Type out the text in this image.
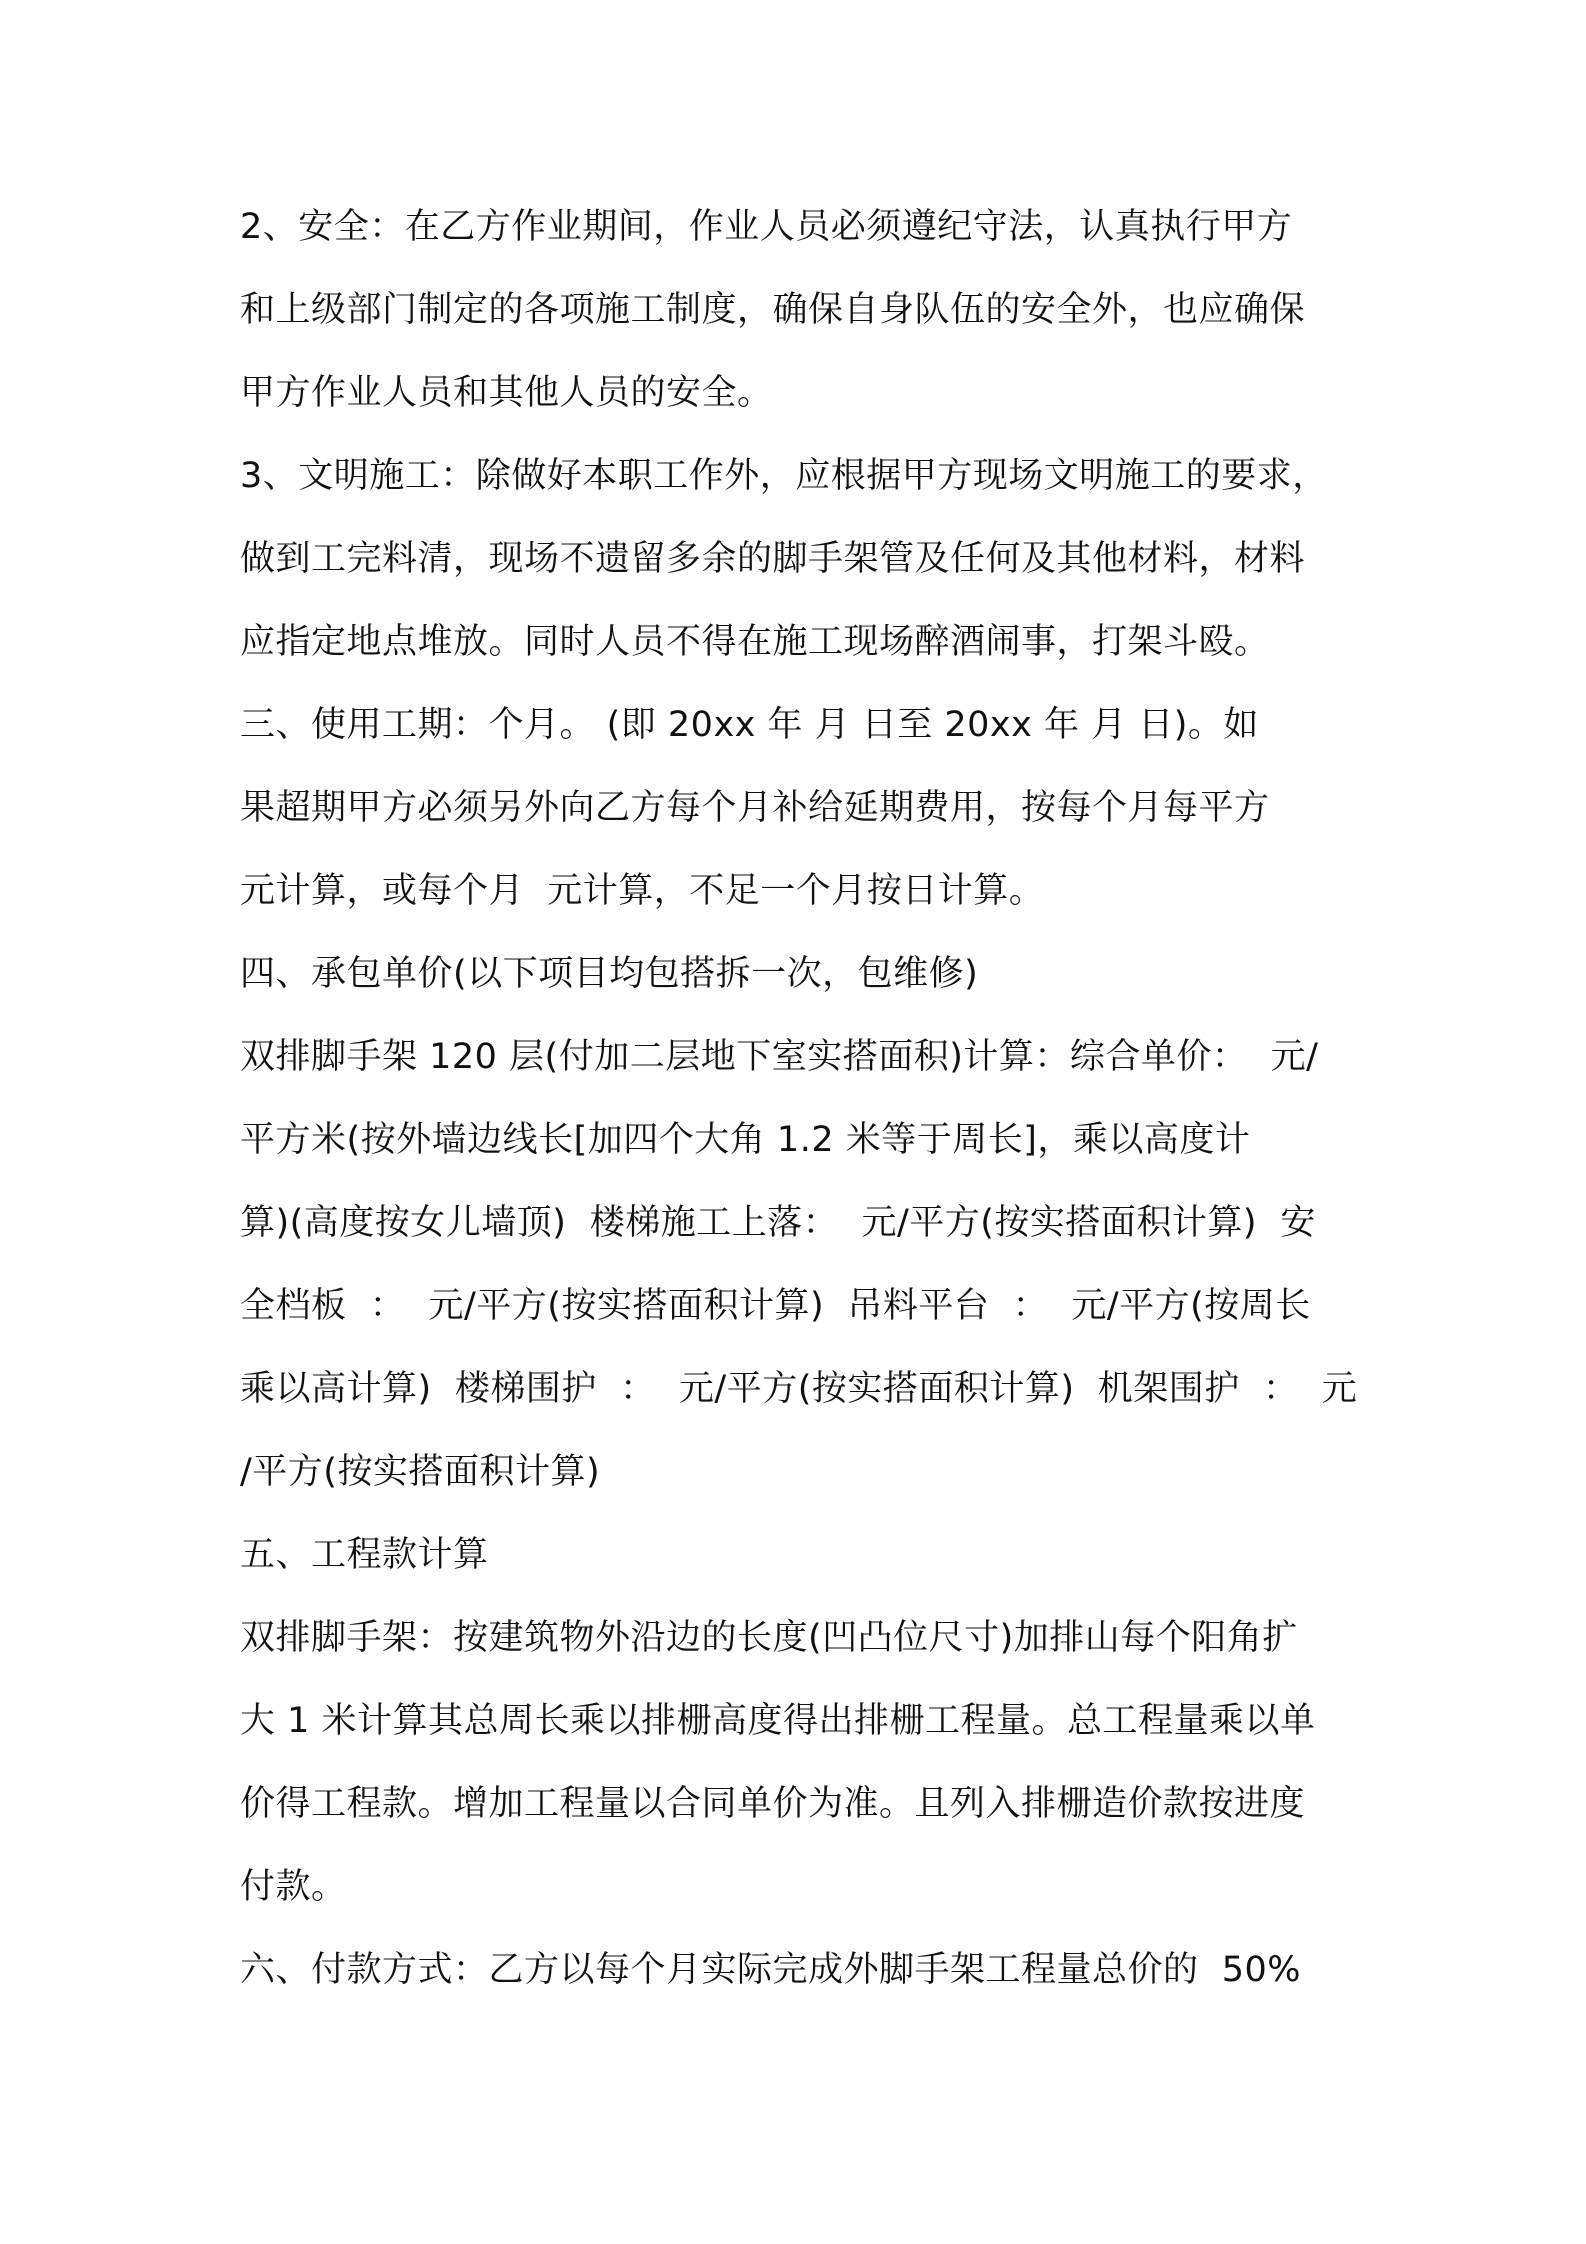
2、安全：在乙方作业期间，作业人员必须遵纪守法，认真执行甲方
和上级部门制定的各项施工制度，确保自身队伍的安全外，也应确保
甲方作业人员和其他人员的安全。
3、文明施工：除做好本职工作外，应根据甲方现场文明施工的要求，
做到工完料清，现场不遗留多余的脚手架管及任何及其他材料，材料
应指定地点堆放。同时人员不得在施工现场醉酒闹事，打架斗殴。
三、使用工期：个月。 (即 20xx 年 月 日至 20xx 年 月 日)。如
果超期甲方必须另外向乙方每个月补给延期费用，按每个月每平方
元计算，或每个月  元计算，不足一个月按日计算。
四、承包单价(以下项目均包搭拆一次，包维修)
双排脚手架 120 层(付加二层地下室实搭面积)计算：综合单价：  元/
平方米(按外墙边线长[加四个大角 1.2 米等于周长]，乘以高度计
算)(高度按女儿墙顶)  楼梯施工上落：  元/平方(按实搭面积计算)  安
全档板  ：  元/平方(按实搭面积计算)  吊料平台  ：  元/平方(按周长
乘以高计算)  楼梯围护  ：  元/平方(按实搭面积计算)  机架围护  ：  元
/平方(按实搭面积计算)
五、工程款计算
双排脚手架：按建筑物外沿边的长度(凹凸位尺寸)加排山每个阳角扩
大 1 米计算其总周长乘以排栅高度得出排栅工程量。总工程量乘以单
价得工程款。增加工程量以合同单价为准。且列入排栅造价款按进度
付款。
六、付款方式：乙方以每个月实际完成外脚手架工程量总价的  50%
